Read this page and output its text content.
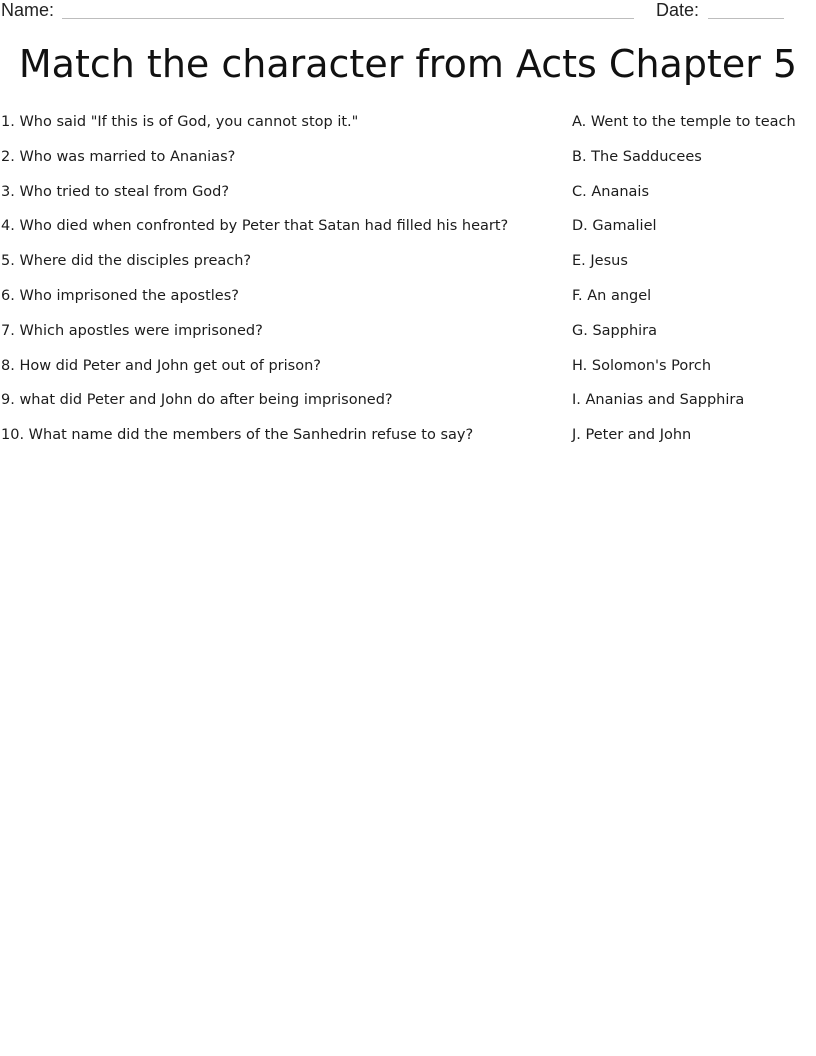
Name:	Date:
Match the character from Acts Chapter 5
1. Who said "If this is of God, you cannot stop it."
2. Who was married to Ananias?
3. Who tried to steal from God?
4. Who died when confronted by Peter that Satan had filled his heart?
5. Where did the disciples preach?
6. Who imprisoned the apostles?
7. Which apostles were imprisoned?
8. How did Peter and John get out of prison?
9. what did Peter and John do after being imprisoned?
10. What name did the members of the Sanhedrin refuse to say?
A. Went to the temple to teach
B. The Sadducees
C. Ananais
D. Gamaliel
E. Jesus
F. An angel
G. Sapphira
H. Solomon's Porch
I. Ananias and Sapphira
J. Peter and John
